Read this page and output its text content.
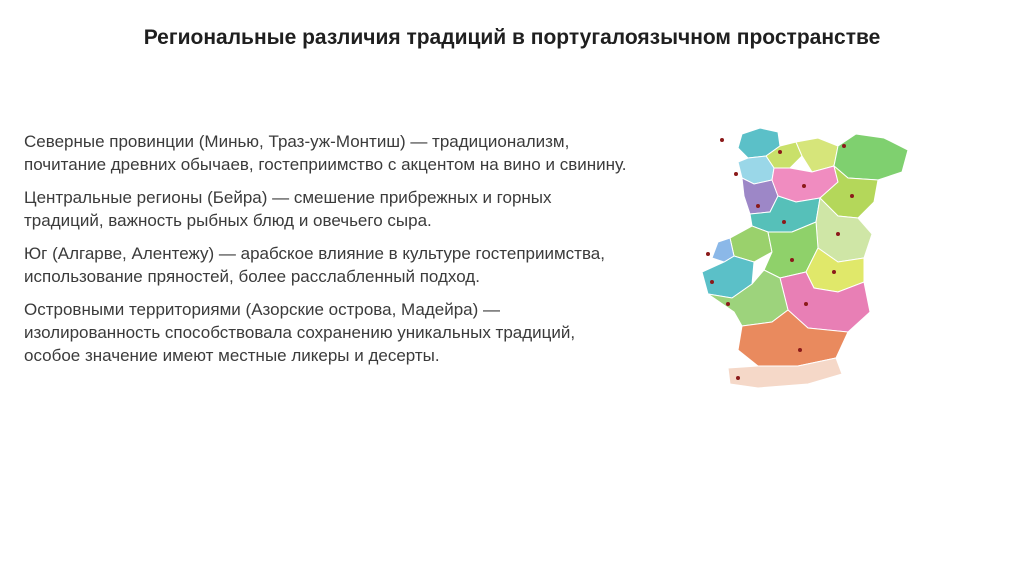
Региональные различия традиций в португалоязычном пространстве

Северные провинции (Минью, Траз-уж-Монтиш) — традиционализм, почитание древних обычаев, гостеприимство с акцентом на вино и свинину.

Центральные регионы (Бейра) — смешение прибрежных и горных традиций, важность рыбных блюд и овечьего сыра.

Юг (Алгарве, Алентежу) — арабское влияние в культуре гостеприимства, использование пряностей, более расслабленный подход.

Островными территориями (Азорские острова, Мадейра) — изолированность способствовала сохранению уникальных традиций, особое значение имеют местные ликеры и десерты.
